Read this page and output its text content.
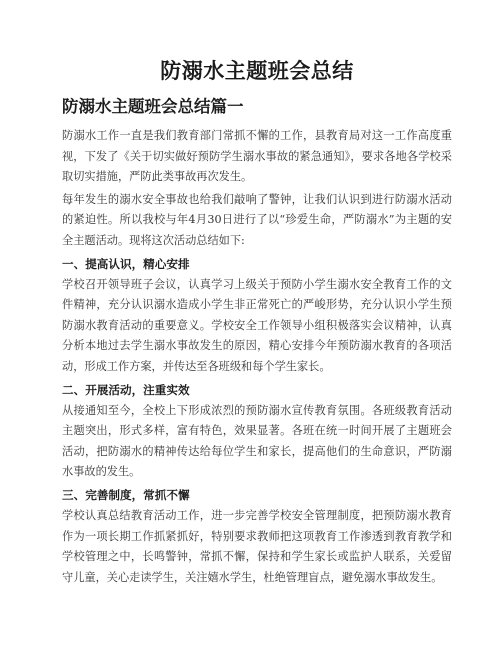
防溺水主题班会总结
防溺水主题班会总结篇一

防溺水工作一直是我们教育部门常抓不懈的工作，县教育局对这一工作高度重视，下发了《关于切实做好预防学生溺水事故的紧急通知》，要求各地各学校采取切实措施，严防此类事故再次发生。

每年发生的溺水安全事故也给我们敲响了警钟，让我们认识到进行防溺水活动的紧迫性。所以我校与年4月30日进行了以“珍爱生命，严防溺水”为主题的安全主题活动。现将这次活动总结如下:

一、提高认识，精心安排

学校召开领导班子会议，认真学习上级关于预防小学生溺水安全教育工作的文件精神，充分认识溺水造成小学生非正常死亡的严峻形势，充分认识小学生预防溺水教育活动的重要意义。学校安全工作领导小组积极落实会议精神，认真分析本地过去学生溺水事故发生的原因，精心安排今年预防溺水教育的各项活动，形成工作方案，并传达至各班级和每个学生家长。

二、开展活动，注重实效

从接通知至今，全校上下形成浓烈的预防溺水宣传教育氛围。各班级教育活动主题突出，形式多样，富有特色，效果显著。各班在统一时间开展了主题班会活动，把防溺水的精神传达给每位学生和家长，提高他们的生命意识，严防溺水事故的发生。

三、完善制度，常抓不懈

学校认真总结教育活动工作，进一步完善学校安全管理制度，把预防溺水教育作为一项长期工作抓紧抓好，特别要求教师把这项教育工作渗透到教育教学和学校管理之中，长鸣警钟，常抓不懈，保持和学生家长或监护人联系，关爱留守儿童，关心走读学生，关注嬉水学生，杜绝管理盲点，避免溺水事故发生。
